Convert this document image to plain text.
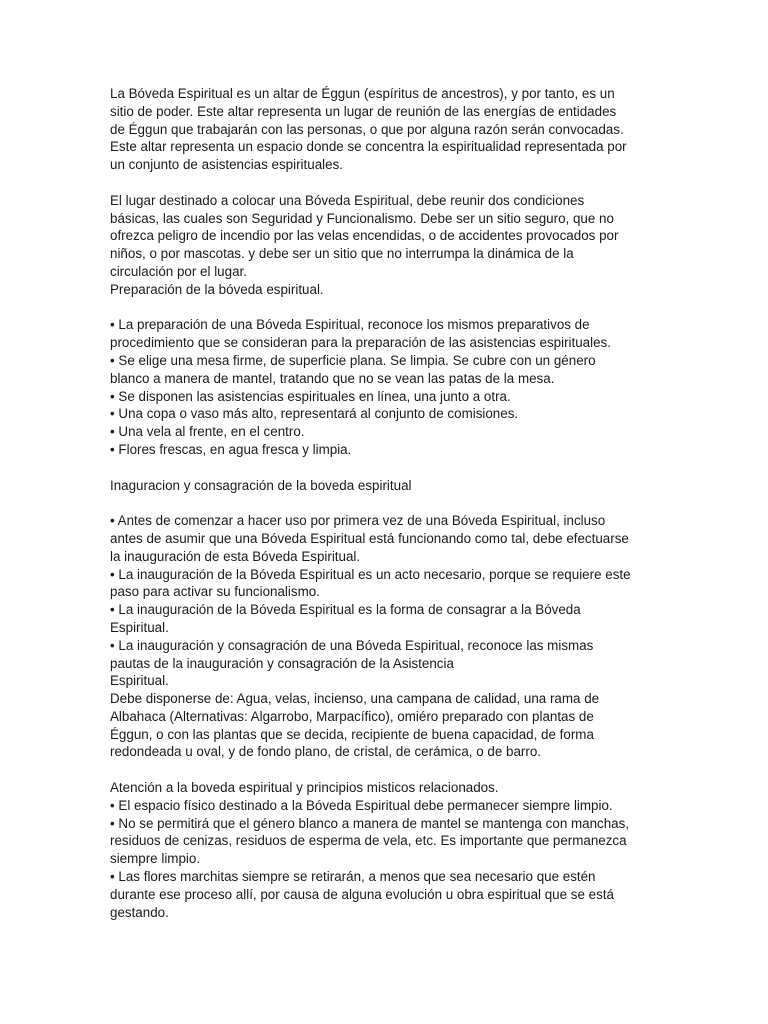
La Bóveda Espiritual es un altar de Éggun (espíritus de ancestros), y por tanto, es un
sitio de poder. Este altar representa un lugar de reunión de las energías de entidades
de Éggun que trabajarán con las personas, o que por alguna razón serán convocadas.
Este altar representa un espacio donde se concentra la espiritualidad representada por
un conjunto de asistencias espirituales.
El lugar destinado a colocar una Bóveda Espiritual, debe reunir dos condiciones
básicas, las cuales son Seguridad y Funcionalismo. Debe ser un sitio seguro, que no
ofrezca peligro de incendio por las velas encendidas, o de accidentes provocados por
niños, o por mascotas. y debe ser un sitio que no interrumpa la dinámica de la
circulación por el lugar.
Preparación de la bóveda espiritual.
• La preparación de una Bóveda Espiritual, reconoce los mismos preparativos de
procedimiento que se consideran para la preparación de las asistencias espirituales.
• Se elige una mesa firme, de superficie plana. Se limpia. Se cubre con un género
blanco a manera de mantel, tratando que no se vean las patas de la mesa.
• Se disponen las asistencias espirituales en línea, una junto a otra.
• Una copa o vaso más alto, representará al conjunto de comisiones.
• Una vela al frente, en el centro.
• Flores frescas, en agua fresca y limpia.
Inaguracion y consagración de la boveda espiritual
• Antes de comenzar a hacer uso por primera vez de una Bóveda Espiritual, incluso
antes de asumir que una Bóveda Espiritual está funcionando como tal, debe efectuarse
la inauguración de esta Bóveda Espiritual.
• La inauguración de la Bóveda Espiritual es un acto necesario, porque se requiere este
paso para activar su funcionalismo.
• La inauguración de la Bóveda Espiritual es la forma de consagrar a la Bóveda
Espiritual.
• La inauguración y consagración de una Bóveda Espiritual, reconoce las mismas
pautas de la inauguración y consagración de la Asistencia
Espiritual.
Debe disponerse de: Agua, velas, incienso, una campana de calidad, una rama de
Albahaca (Alternativas: Algarrobo, Marpacífico), omiéro preparado con plantas de
Éggun, o con las plantas que se decida, recipiente de buena capacidad, de forma
redondeada u oval, y de fondo plano, de cristal, de cerámica, o de barro.
Atención a la boveda espiritual y principios misticos relacionados.
• El espacio físico destinado a la Bóveda Espiritual debe permanecer siempre limpio.
• No se permitirá que el género blanco a manera de mantel se mantenga con manchas,
residuos de cenizas, residuos de esperma de vela, etc. Es importante que permanezca
siempre limpio.
• Las flores marchitas siempre se retirarán, a menos que sea necesario que estén
durante ese proceso allí, por causa de alguna evolución u obra espiritual que se está
gestando.
